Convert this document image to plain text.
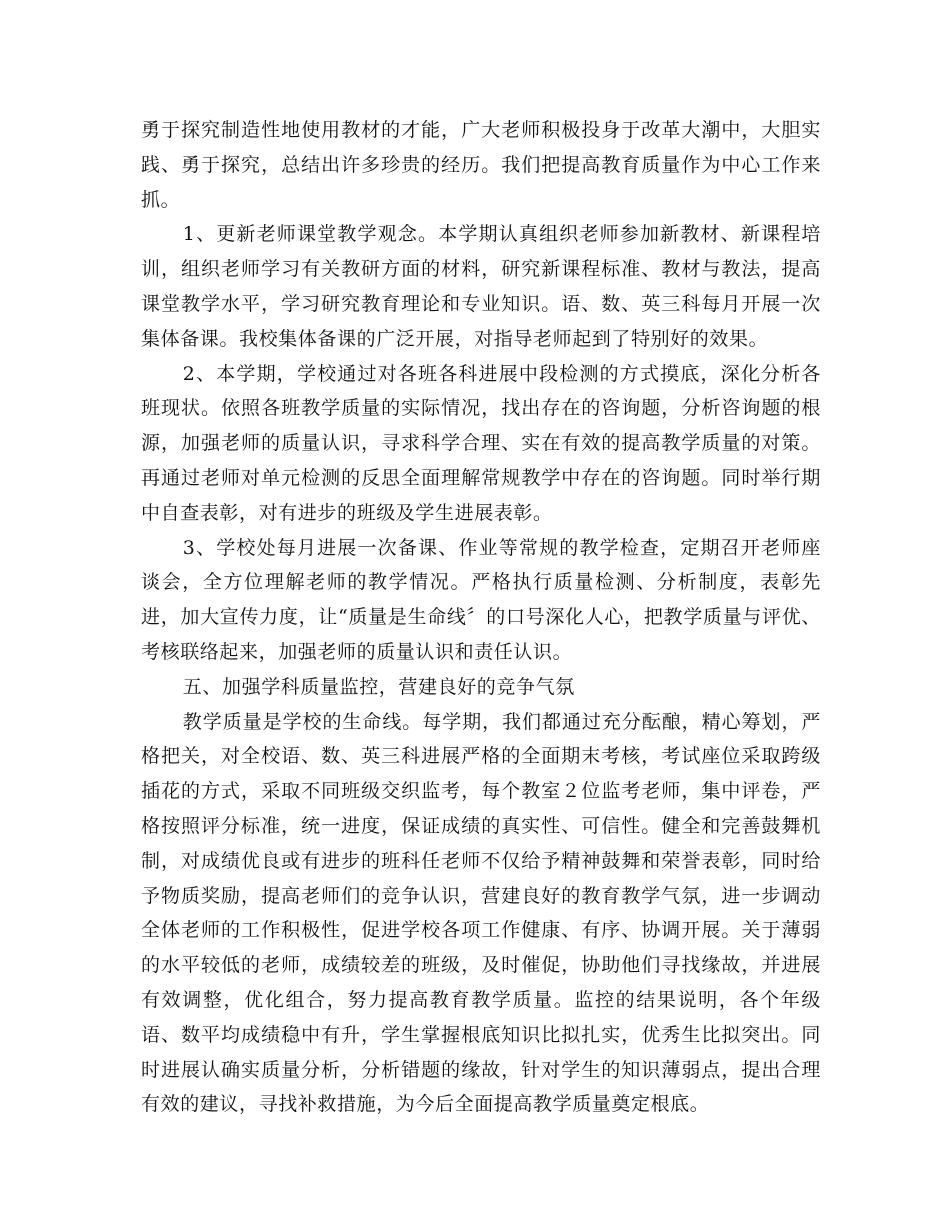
勇于探究制造性地使用教材的才能，广大老师积极投身于改革大潮中，大胆实践、勇于探究，总结出许多珍贵的经历。我们把提高教育质量作为中心工作来抓。

1、更新老师课堂教学观念。本学期认真组织老师参加新教材、新课程培训，组织老师学习有关教研方面的材料，研究新课程标准、教材与教法，提高课堂教学水平，学习研究教育理论和专业知识。语、数、英三科每月开展一次集体备课。我校集体备课的广泛开展，对指导老师起到了特别好的效果。

2、本学期，学校通过对各班各科进展中段检测的方式摸底，深化分析各班现状。依照各班教学质量的实际情况，找出存在的咨询题，分析咨询题的根源，加强老师的质量认识，寻求科学合理、实在有效的提高教学质量的对策。再通过老师对单元检测的反思全面理解常规教学中存在的咨询题。同时举行期中自查表彰，对有进步的班级及学生进展表彰。

3、学校处每月进展一次备课、作业等常规的教学检查，定期召开老师座谈会，全方位理解老师的教学情况。严格执行质量检测、分析制度，表彰先进，加大宣传力度，让“质量是生命线〞的口号深化人心，把教学质量与评优、考核联络起来，加强老师的质量认识和责任认识。

五、加强学科质量监控，营建良好的竞争气氛

教学质量是学校的生命线。每学期，我们都通过充分酝酿，精心筹划，严格把关，对全校语、数、英三科进展严格的全面期末考核，考试座位采取跨级插花的方式，采取不同班级交织监考，每个教室２位监考老师，集中评卷，严格按照评分标准，统一进度，保证成绩的真实性、可信性。健全和完善鼓舞机制，对成绩优良或有进步的班科任老师不仅给予精神鼓舞和荣誉表彰，同时给予物质奖励，提高老师们的竞争认识，营建良好的教育教学气氛，进一步调动全体老师的工作积极性，促进学校各项工作健康、有序、协调开展。关于薄弱的水平较低的老师，成绩较差的班级，及时催促，协助他们寻找缘故，并进展有效调整，优化组合，努力提高教育教学质量。监控的结果说明，各个年级语、数平均成绩稳中有升，学生掌握根底知识比拟扎实，优秀生比拟突出。同时进展认确实质量分析，分析错题的缘故，针对学生的知识薄弱点，提出合理有效的建议，寻找补救措施，为今后全面提高教学质量奠定根底。
